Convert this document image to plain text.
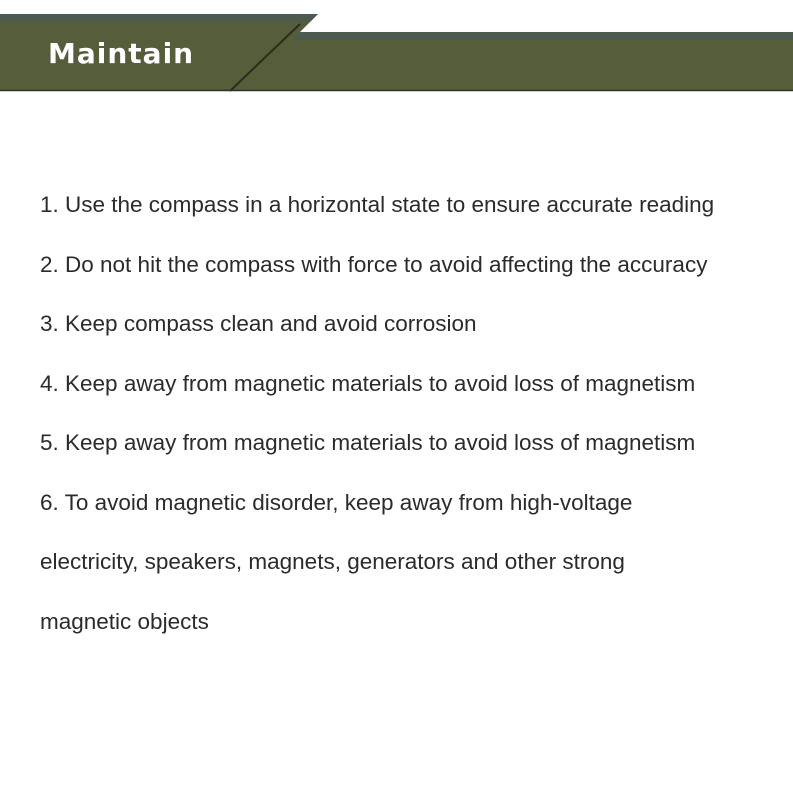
Maintain
1. Use the compass in a horizontal state to ensure accurate reading
2. Do not hit the compass with force to avoid affecting the accuracy
3. Keep compass clean and avoid corrosion
4. Keep away from magnetic materials to avoid loss of magnetism
5. Keep away from magnetic materials to avoid loss of magnetism
6. To avoid magnetic disorder, keep away from high-voltage
electricity, speakers, magnets, generators and other strong
magnetic objects
